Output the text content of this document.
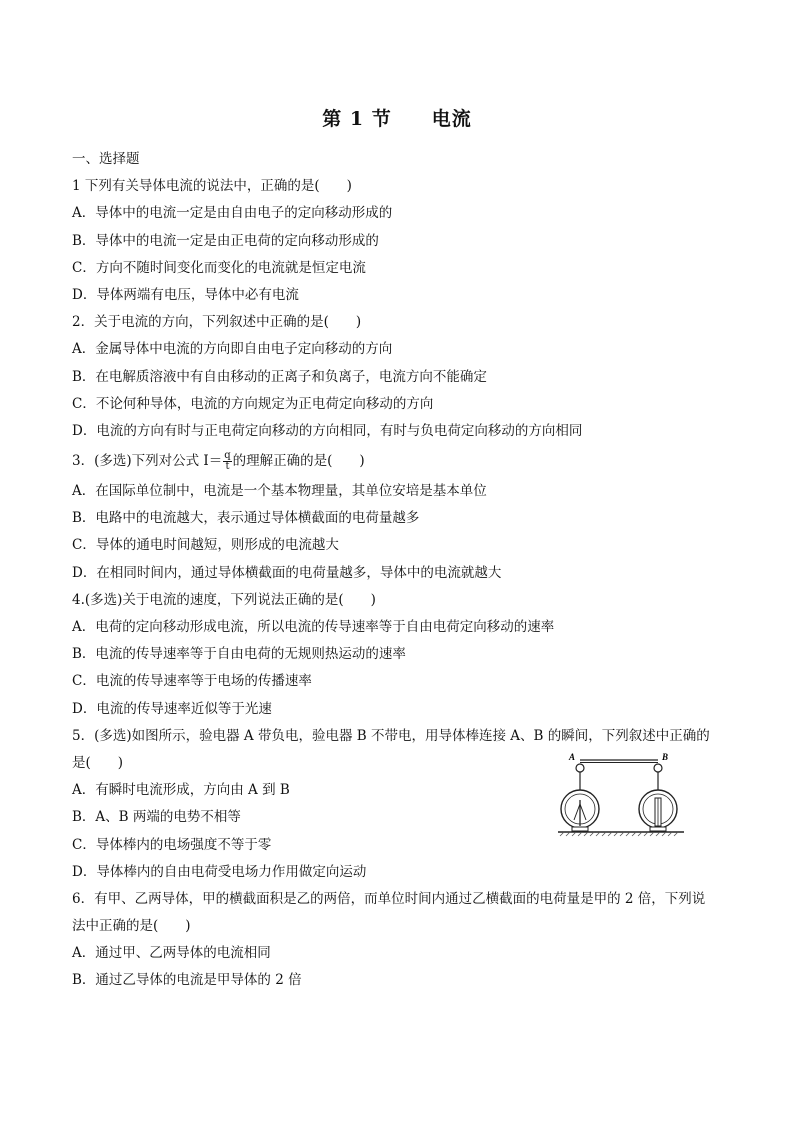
第 1 节 电流
一、选择题
1 下列有关导体电流的说法中，正确的是(　　)
A．导体中的电流一定是由自由电子的定向移动形成的
B．导体中的电流一定是由正电荷的定向移动形成的
C．方向不随时间变化而变化的电流就是恒定电流
D．导体两端有电压，导体中必有电流
2．关于电流的方向，下列叙述中正确的是(　　)
A．金属导体中电流的方向即自由电子定向移动的方向
B．在电解质溶液中有自由移动的正离子和负离子，电流方向不能确定
C．不论何种导体，电流的方向规定为正电荷定向移动的方向
D．电流的方向有时与正电荷定向移动的方向相同，有时与负电荷定向移动的方向相同
3．(多选)下列对公式 $I= \frac{q}{t}$ 的理解正确的是(　　)
A．在国际单位制中，电流是一个基本物理量，其单位安培是基本单位
B．电路中的电流越大，表示通过导体横截面的电荷量越多
C．导体的通电时间越短，则形成的电流越大
D．在相同时间内，通过导体横截面的电荷量越多，导体中的电流就越大
4.(多选)关于电流的速度，下列说法正确的是(　　)
A．电荷的定向移动形成电流，所以电流的传导速率等于自由电荷定向移动的速率
B．电流的传导速率等于自由电荷的无规则热运动的速率
C．电流的传导速率等于电场的传播速率
D．电流的传导速率近似等于光速
5．(多选)如图所示，验电器 A 带负电，验电器 B 不带电，用导体棒连接 A、B 的瞬间，下列叙述中正确的
是(　　)
A．有瞬时电流形成，方向由 A 到 B
B．A、B 两端的电势不相等
C．导体棒内的电场强度不等于零
D．导体棒内的自由电荷受电场力作用做定向运动
6．有甲、乙两导体，甲的横截面积是乙的两倍，而单位时间内通过乙横截面的电荷量是甲的 2 倍，下列说
法中正确的是(　　)
A．通过甲、乙两导体的电流相同
B．通过乙导体的电流是甲导体的 2 倍
A	B
